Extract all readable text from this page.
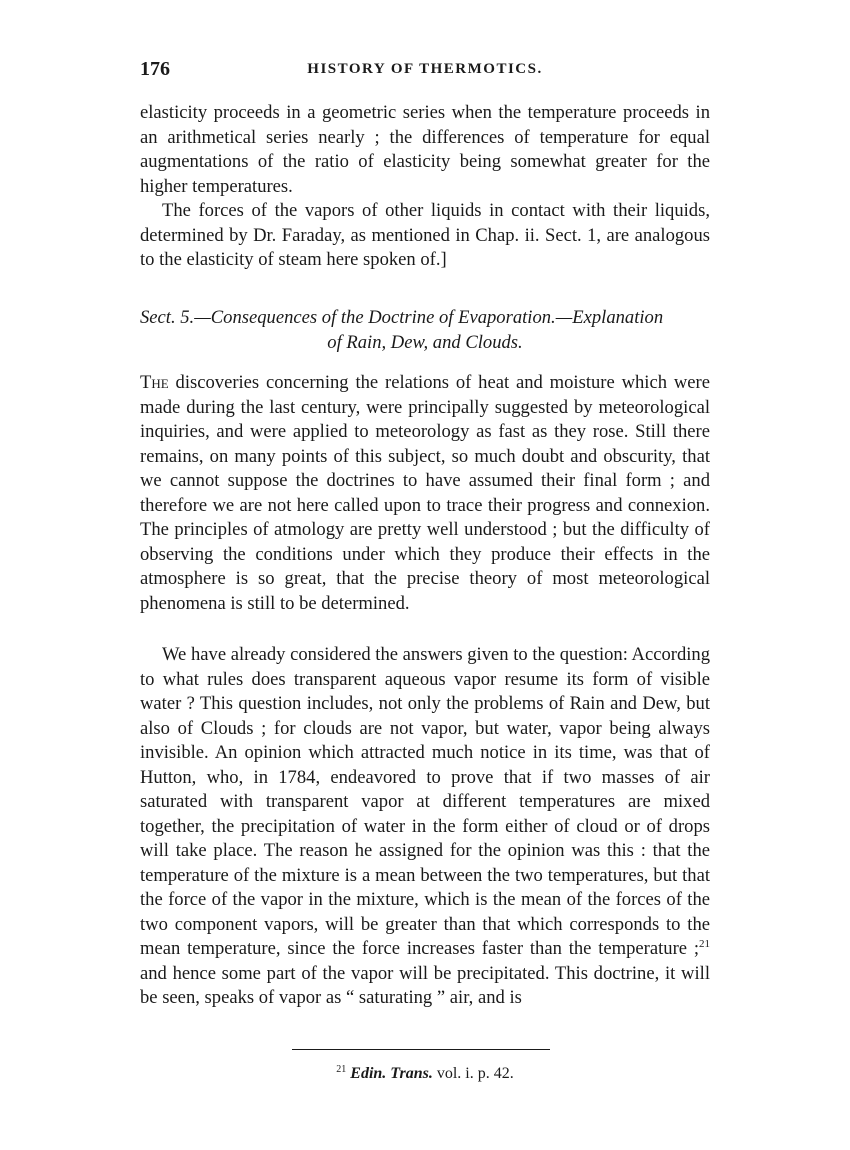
176	HISTORY OF THERMOTICS.

elasticity proceeds in a geometric series when the temperature proceeds in an arithmetical series nearly ; the differences of temperature for equal augmentations of the ratio of elasticity being somewhat greater for the higher temperatures.

The forces of the vapors of other liquids in contact with their liquids, determined by Dr. Faraday, as mentioned in Chap. ii. Sect. 1, are analogous to the elasticity of steam here spoken of.]

Sect. 5.—Consequences of the Doctrine of Evaporation.—Explanation
of Rain, Dew, and Clouds.

The discoveries concerning the relations of heat and moisture which were made during the last century, were principally suggested by meteorological inquiries, and were applied to meteorology as fast as they rose. Still there remains, on many points of this subject, so much doubt and obscurity, that we cannot suppose the doctrines to have assumed their final form ; and therefore we are not here called upon to trace their progress and connexion. The principles of atmology are pretty well understood ; but the difficulty of observing the conditions under which they produce their effects in the atmosphere is so great, that the precise theory of most meteorological phenomena is still to be determined.

We have already considered the answers given to the question: According to what rules does transparent aqueous vapor resume its form of visible water ? This question includes, not only the problems of Rain and Dew, but also of Clouds ; for clouds are not vapor, but water, vapor being always invisible. An opinion which attracted much notice in its time, was that of Hutton, who, in 1784, endeavored to prove that if two masses of air saturated with transparent vapor at different temperatures are mixed together, the precipitation of water in the form either of cloud or of drops will take place. The reason he assigned for the opinion was this : that the temperature of the mixture is a mean between the two temperatures, but that the force of the vapor in the mixture, which is the mean of the forces of the two component vapors, will be greater than that which corresponds to the mean temperature, since the force increases faster than the temperature ;$^{21}$ and hence some part of the vapor will be precipitated. This doctrine, it will be seen, speaks of vapor as “ saturating ” air, and is

$^{21}$ Edin. Trans. vol. i. p. 42.
